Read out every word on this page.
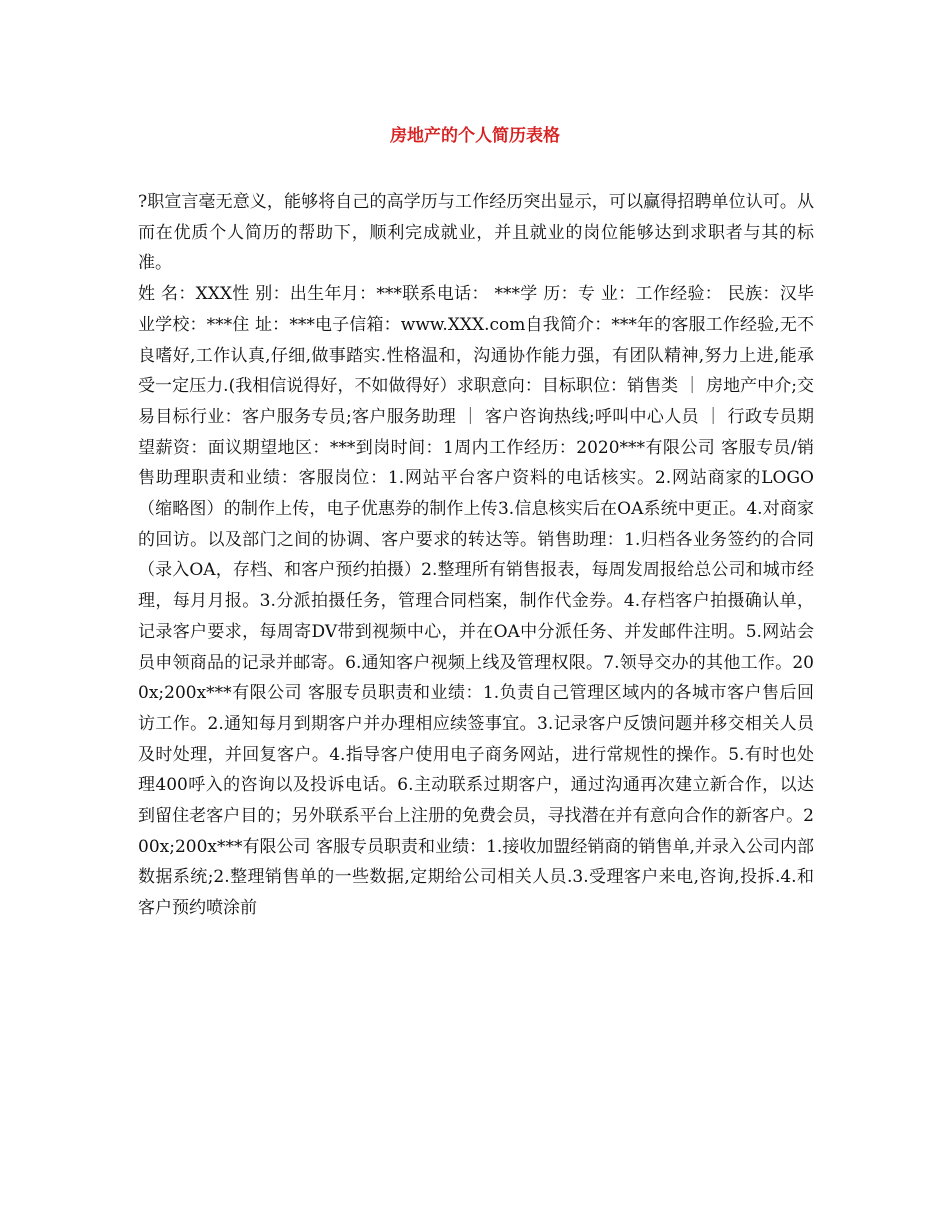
房地产的个人简历表格

?职宣言毫无意义，能够将自己的高学历与工作经历突出显示，可以赢得招聘单位认可。从而在优质个人简历的帮助下，顺利完成就业，并且就业的岗位能够达到求职者与其的标准。

姓 名：XXX性 别：出生年月：***联系电话： ***学 历：专 业：工作经验： 民族：汉毕业学校：***住 址：***电子信箱：www.XXX.com自我简介：***年的客服工作经验,无不良嗜好,工作认真,仔细,做事踏实.性格温和，沟通协作能力强，有团队精神,努力上进,能承受一定压力.(我相信说得好，不如做得好）求职意向：目标职位：销售类 ｜ 房地产中介;交易目标行业：客户服务专员;客户服务助理 ｜ 客户咨询热线;呼叫中心人员 ｜ 行政专员期望薪资：面议期望地区：***到岗时间：1周内工作经历：2020***有限公司 客服专员/销售助理职责和业绩：客服岗位：1.网站平台客户资料的电话核实。2.网站商家的LOGO（缩略图）的制作上传，电子优惠券的制作上传3.信息核实后在OA系统中更正。4.对商家的回访。以及部门之间的协调、客户要求的转达等。销售助理：1.归档各业务签约的合同（录入OA，存档、和客户预约拍摄）2.整理所有销售报表，每周发周报给总公司和城市经理，每月月报。3.分派拍摄任务，管理合同档案，制作代金券。4.存档客户拍摄确认单，记录客户要求，每周寄DV带到视频中心，并在OA中分派任务、并发邮件注明。5.网站会员申领商品的记录并邮寄。6.通知客户视频上线及管理权限。7.领导交办的其他工作。200x;200x***有限公司 客服专员职责和业绩：1.负责自己管理区域内的各城市客户售后回访工作。2.通知每月到期客户并办理相应续签事宜。3.记录客户反馈问题并移交相关人员及时处理，并回复客户。4.指导客户使用电子商务网站，进行常规性的操作。5.有时也处理400呼入的咨询以及投诉电话。6.主动联系过期客户，通过沟通再次建立新合作，以达到留住老客户目的；另外联系平台上注册的免费会员，寻找潜在并有意向合作的新客户。200x;200x***有限公司 客服专员职责和业绩：1.接收加盟经销商的销售单,并录入公司内部数据系统;2.整理销售单的一些数据,定期给公司相关人员.3.受理客户来电,咨询,投拆.4.和客户预约喷涂前
